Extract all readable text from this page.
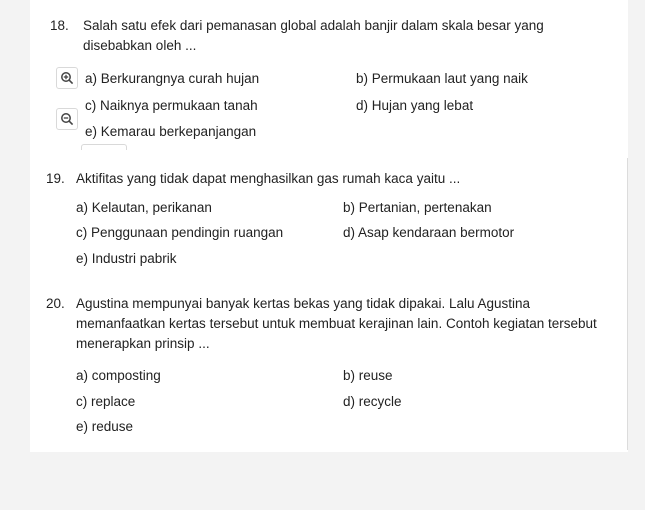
18. Salah satu efek dari pemanasan global adalah banjir dalam skala besar yang
disebabkan oleh ...
a) Berkurangnya curah hujan	b) Permukaan laut yang naik
c) Naiknya permukaan tanah	d) Hujan yang lebat
e) Kemarau berkepanjangan
19. Aktifitas yang tidak dapat menghasilkan gas rumah kaca yaitu ...
a) Kelautan, perikanan	b) Pertanian, pertenakan
c) Penggunaan pendingin ruangan	d) Asap kendaraan bermotor
e) Industri pabrik
20. Agustina mempunyai banyak kertas bekas yang tidak dipakai. Lalu Agustina
memanfaatkan kertas tersebut untuk membuat kerajinan lain. Contoh kegiatan tersebut
menerapkan prinsip ...
a) composting	b) reuse
c) replace	d) recycle
e) reduse
